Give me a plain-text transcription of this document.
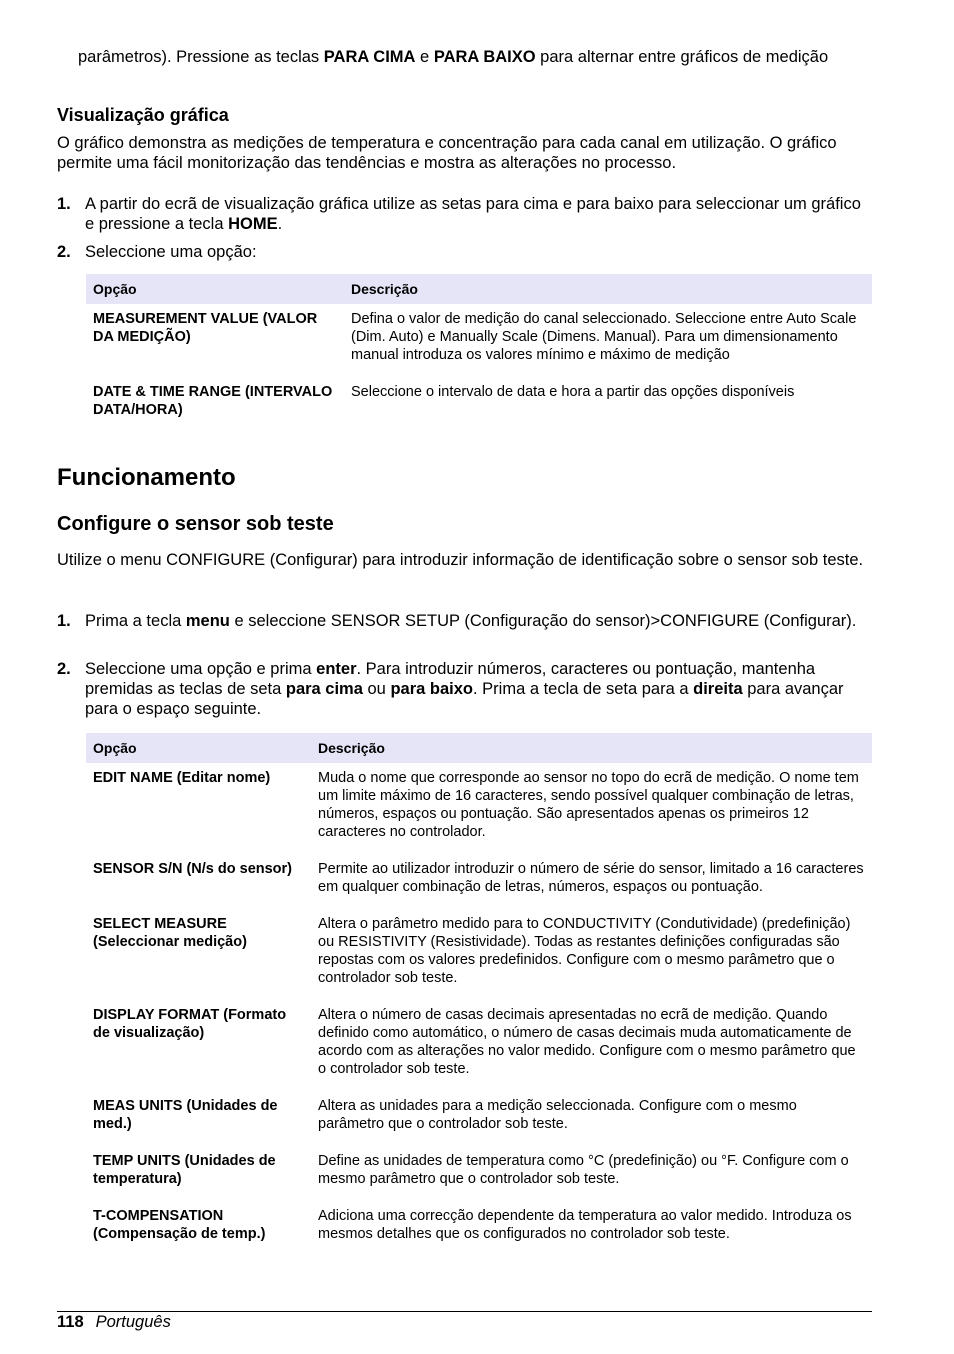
parâmetros). Pressione as teclas PARA CIMA e PARA BAIXO para alternar entre gráficos de medição
Visualização gráfica
O gráfico demonstra as medições de temperatura e concentração para cada canal em utilização. O gráfico permite uma fácil monitorização das tendências e mostra as alterações no processo.
1. A partir do ecrã de visualização gráfica utilize as setas para cima e para baixo para seleccionar um gráfico e pressione a tecla HOME.
2. Seleccione uma opção:
Opção	Descrição
MEASUREMENT VALUE (VALOR DA MEDIÇÃO)	Defina o valor de medição do canal seleccionado. Seleccione entre Auto Scale (Dim. Auto) e Manually Scale (Dimens. Manual). Para um dimensionamento manual introduza os valores mínimo e máximo de medição
DATE & TIME RANGE (INTERVALO DATA/HORA)	Seleccione o intervalo de data e hora a partir das opções disponíveis
Funcionamento
Configure o sensor sob teste
Utilize o menu CONFIGURE (Configurar) para introduzir informação de identificação sobre o sensor sob teste.
1. Prima a tecla menu e seleccione SENSOR SETUP (Configuração do sensor)>CONFIGURE (Configurar).
2. Seleccione uma opção e prima enter. Para introduzir números, caracteres ou pontuação, mantenha premidas as teclas de seta para cima ou para baixo. Prima a tecla de seta para a direita para avançar para o espaço seguinte.
Opção	Descrição
EDIT NAME (Editar nome)	Muda o nome que corresponde ao sensor no topo do ecrã de medição. O nome tem um limite máximo de 16 caracteres, sendo possível qualquer combinação de letras, números, espaços ou pontuação. São apresentados apenas os primeiros 12 caracteres no controlador.
SENSOR S/N (N/s do sensor)	Permite ao utilizador introduzir o número de série do sensor, limitado a 16 caracteres em qualquer combinação de letras, números, espaços ou pontuação.
SELECT MEASURE (Seleccionar medição)	Altera o parâmetro medido para to CONDUCTIVITY (Condutividade) (predefinição) ou RESISTIVITY (Resistividade). Todas as restantes definições configuradas são repostas com os valores predefinidos. Configure com o mesmo parâmetro que o controlador sob teste.
DISPLAY FORMAT (Formato de visualização)	Altera o número de casas decimais apresentadas no ecrã de medição. Quando definido como automático, o número de casas decimais muda automaticamente de acordo com as alterações no valor medido. Configure com o mesmo parâmetro que o controlador sob teste.
MEAS UNITS (Unidades de med.)	Altera as unidades para a medição seleccionada. Configure com o mesmo parâmetro que o controlador sob teste.
TEMP UNITS (Unidades de temperatura)	Define as unidades de temperatura como °C (predefinição) ou °F. Configure com o mesmo parâmetro que o controlador sob teste.
T-COMPENSATION (Compensação de temp.)	Adiciona uma correcção dependente da temperatura ao valor medido. Introduza os mesmos detalhes que os configurados no controlador sob teste.
118 Português
